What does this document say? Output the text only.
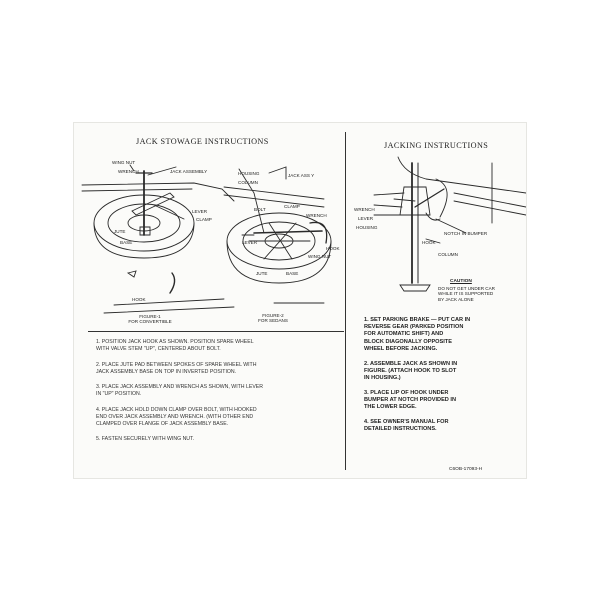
JACK STOWAGE INSTRUCTIONS	JACKING INSTRUCTIONS
WING NUT
WRENCH	JACK ASSEMBLY
LEVER
CLAMP
JUTE
BASE
HOOK
FIGURE-1
FOR CONVERTIBLE
HOUSING
COLUMN
JACK ASS Y
BOLT
CLAMP
WRENCH
LEVER
HOOK
WING NUT
JUTE	BASE
FIGURE-2
FOR SEDANS
WRENCH
LEVER
HOUSING
HOOK
NOTCH IN BUMPER
COLUMN
CAUTION
DO NOT GET UNDER CAR
WHILE IT IS SUPPORTED
BY JACK ALONE
1. POSITION JACK HOOK AS SHOWN. POSITION SPARE WHEEL
WITH VALVE STEM "UP", CENTERED ABOUT BOLT.
2. PLACE JUTE PAD BETWEEN SPOKES OF SPARE WHEEL WITH
JACK ASSEMBLY BASE ON TOP IN INVERTED POSITION.
3. PLACE JACK ASSEMBLY AND WRENCH AS SHOWN, WITH LEVER
IN "UP" POSITION.
4. PLACE JACK HOLD DOWN CLAMP OVER BOLT, WITH HOOKED
END OVER JACK ASSEMBLY AND WRENCH. (WITH OTHER END
CLAMPED OVER FLANGE OF JACK ASSEMBLY BASE.
5. FASTEN SECURELY WITH WING NUT.
1. SET PARKING BRAKE — PUT CAR IN
REVERSE GEAR (PARKED POSITION
FOR AUTOMATIC SHIFT) AND
BLOCK DIAGONALLY OPPOSITE
WHEEL BEFORE JACKING.
2. ASSEMBLE JACK AS SHOWN IN
FIGURE. (ATTACH HOOK TO SLOT
IN HOUSING.)
3. PLACE LIP OF HOOK UNDER
BUMPER AT NOTCH PROVIDED IN
THE LOWER EDGE.
4. SEE OWNER'S MANUAL FOR
DETAILED INSTRUCTIONS.
C6OB-17093-H
